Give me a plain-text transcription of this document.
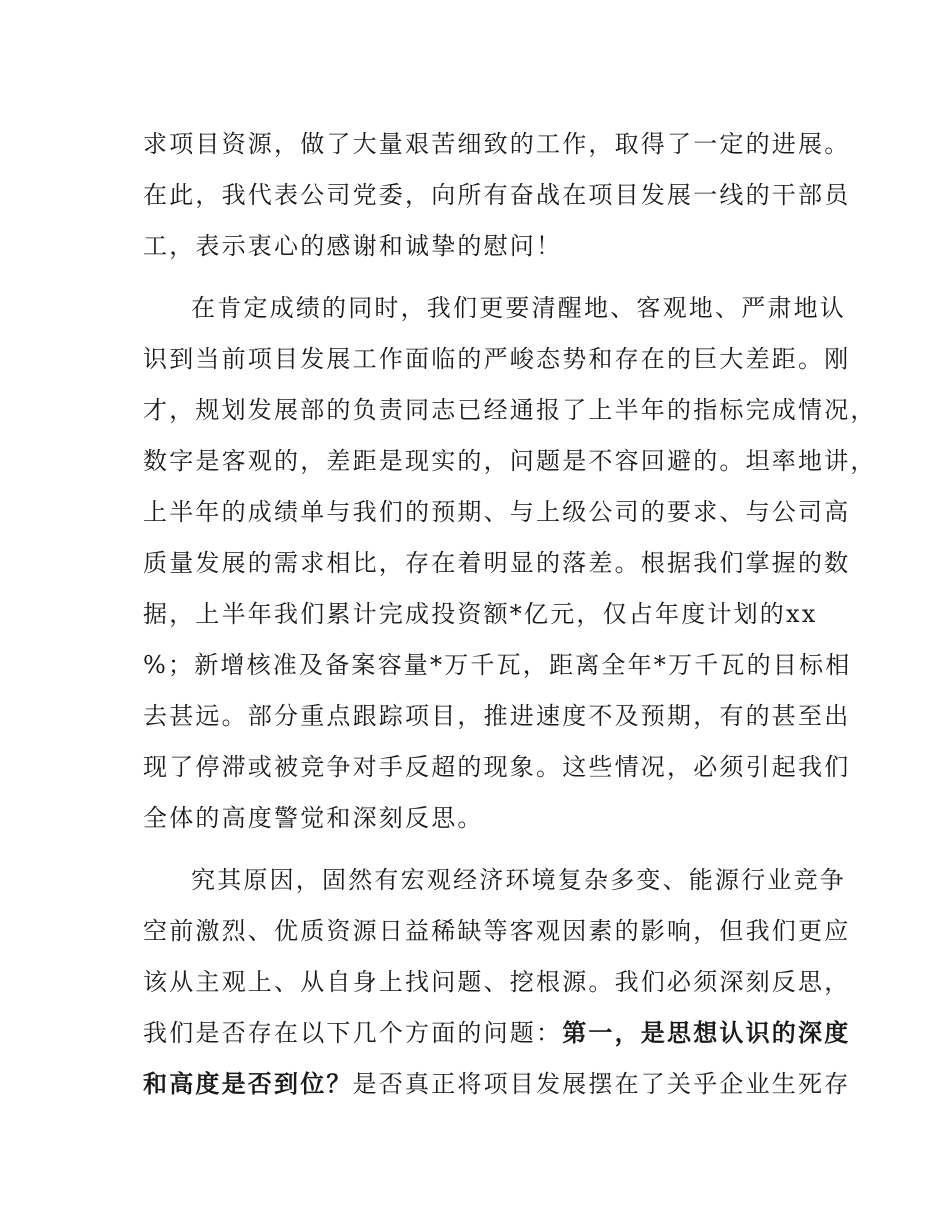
求项目资源，做了大量艰苦细致的工作，取得了一定的进展。
在此，我代表公司党委，向所有奋战在项目发展一线的干部员
工，表示衷心的感谢和诚挚的慰问！
在肯定成绩的同时，我们更要清醒地、客观地、严肃地认
识到当前项目发展工作面临的严峻态势和存在的巨大差距。刚
才，规划发展部的负责同志已经通报了上半年的指标完成情况，
数字是客观的，差距是现实的，问题是不容回避的。坦率地讲，
上半年的成绩单与我们的预期、与上级公司的要求、与公司高
质量发展的需求相比，存在着明显的落差。根据我们掌握的数
据，上半年我们累计完成投资额*亿元，仅占年度计划的xx
%；新增核准及备案容量*万千瓦，距离全年*万千瓦的目标相
去甚远。部分重点跟踪项目，推进速度不及预期，有的甚至出
现了停滞或被竞争对手反超的现象。这些情况，必须引起我们
全体的高度警觉和深刻反思。
究其原因，固然有宏观经济环境复杂多变、能源行业竞争
空前激烈、优质资源日益稀缺等客观因素的影响，但我们更应
该从主观上、从自身上找问题、挖根源。我们必须深刻反思，
我们是否存在以下几个方面的问题：第一，是思想认识的深度
和高度是否到位？是否真正将项目发展摆在了关乎企业生死存
